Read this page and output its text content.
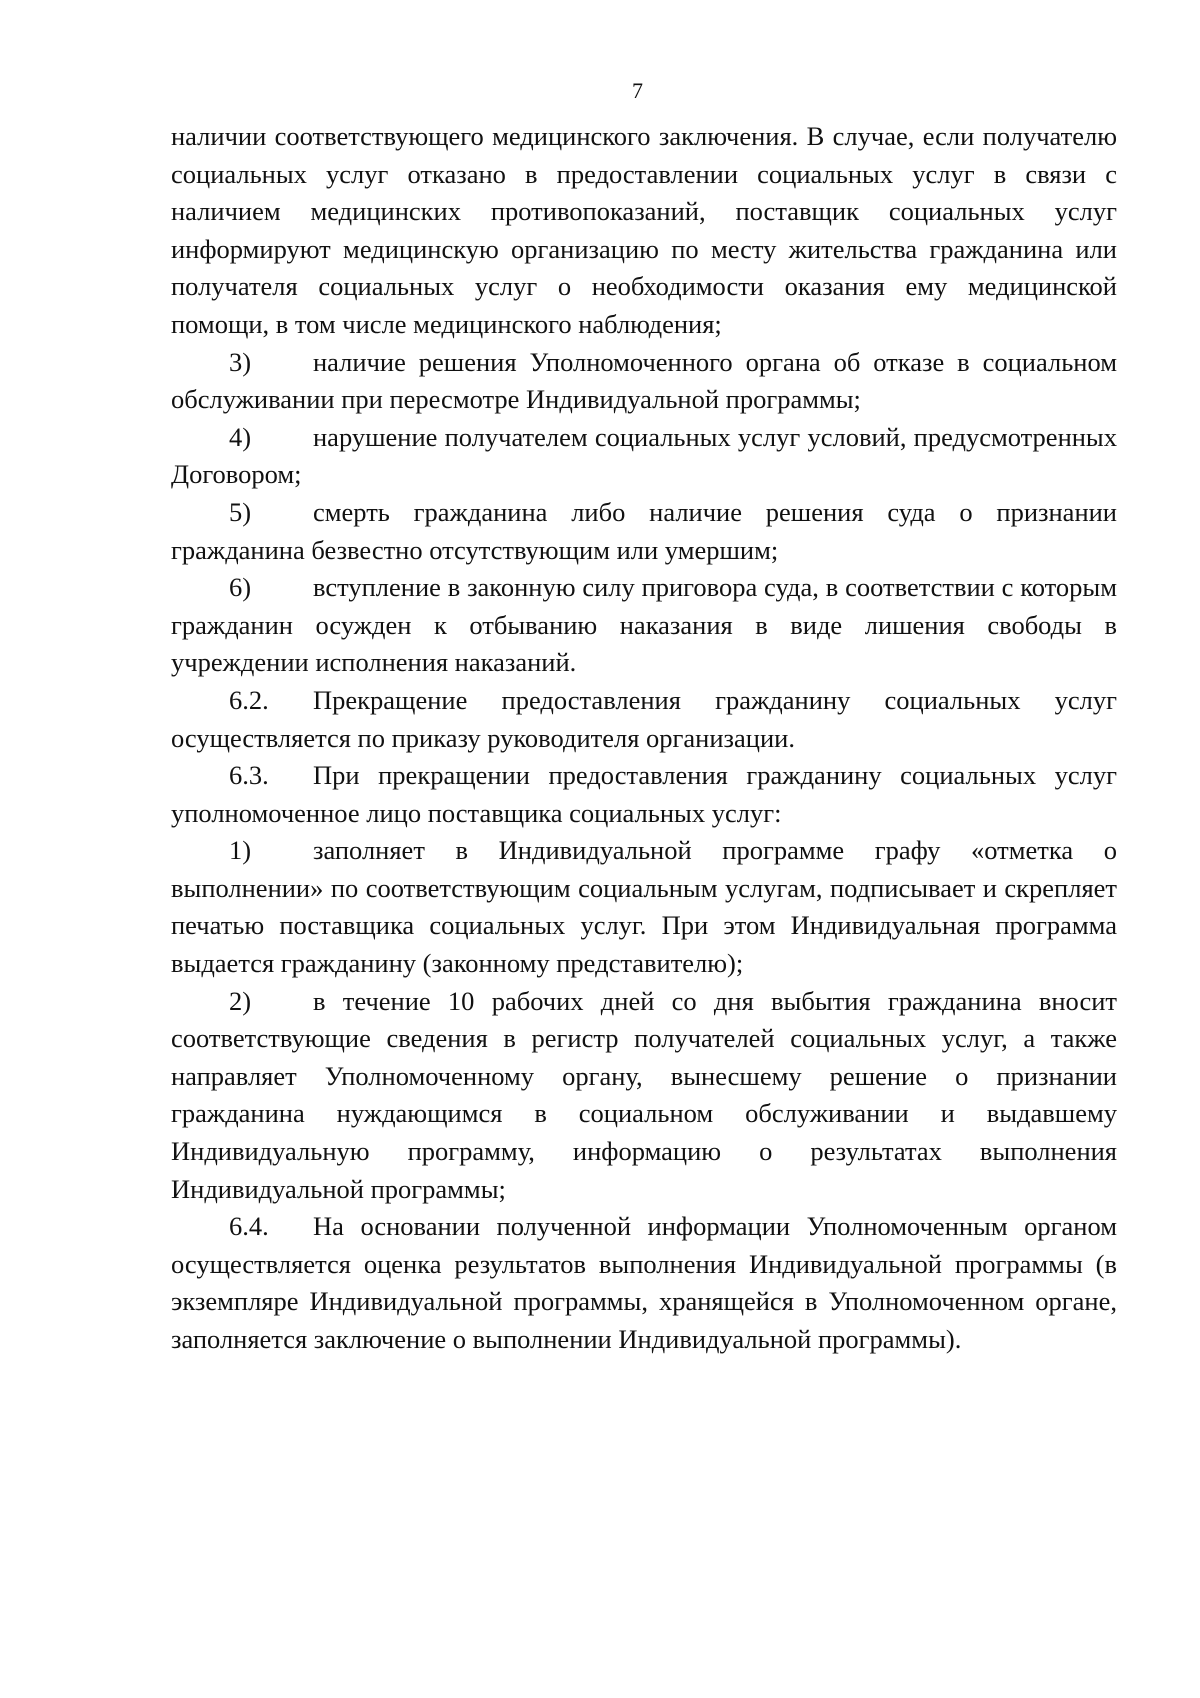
7

наличии соответствующего медицинского заключения. В случае, если получателю социальных услуг отказано в предоставлении социальных услуг в связи с наличием медицинских противопоказаний, поставщик социальных услуг информируют медицинскую организацию по месту жительства гражданина или получателя социальных услуг о необходимости оказания ему медицинской помощи, в том числе медицинского наблюдения;

3) наличие решения Уполномоченного органа об отказе в социальном обслуживании при пересмотре Индивидуальной программы;

4) нарушение получателем социальных услуг условий, предусмотренных Договором;

5) смерть гражданина либо наличие решения суда о признании гражданина безвестно отсутствующим или умершим;

6) вступление в законную силу приговора суда, в соответствии с которым гражданин осужден к отбыванию наказания в виде лишения свободы в учреждении исполнения наказаний.

6.2. Прекращение предоставления гражданину социальных услуг осуществляется по приказу руководителя организации.

6.3. При прекращении предоставления гражданину социальных услуг уполномоченное лицо поставщика социальных услуг:

1) заполняет в Индивидуальной программе графу «отметка о выполнении» по соответствующим социальным услугам, подписывает и скрепляет печатью поставщика социальных услуг. При этом Индивидуальная программа выдается гражданину (законному представителю);

2) в течение 10 рабочих дней со дня выбытия гражданина вносит соответствующие сведения в регистр получателей социальных услуг, а также направляет Уполномоченному органу, вынесшему решение о признании гражданина нуждающимся в социальном обслуживании и выдавшему Индивидуальную программу, информацию о результатах выполнения Индивидуальной программы;

6.4. На основании полученной информации Уполномоченным органом осуществляется оценка результатов выполнения Индивидуальной программы (в экземпляре Индивидуальной программы, хранящейся в Уполномоченном органе, заполняется заключение о выполнении Индивидуальной программы).
